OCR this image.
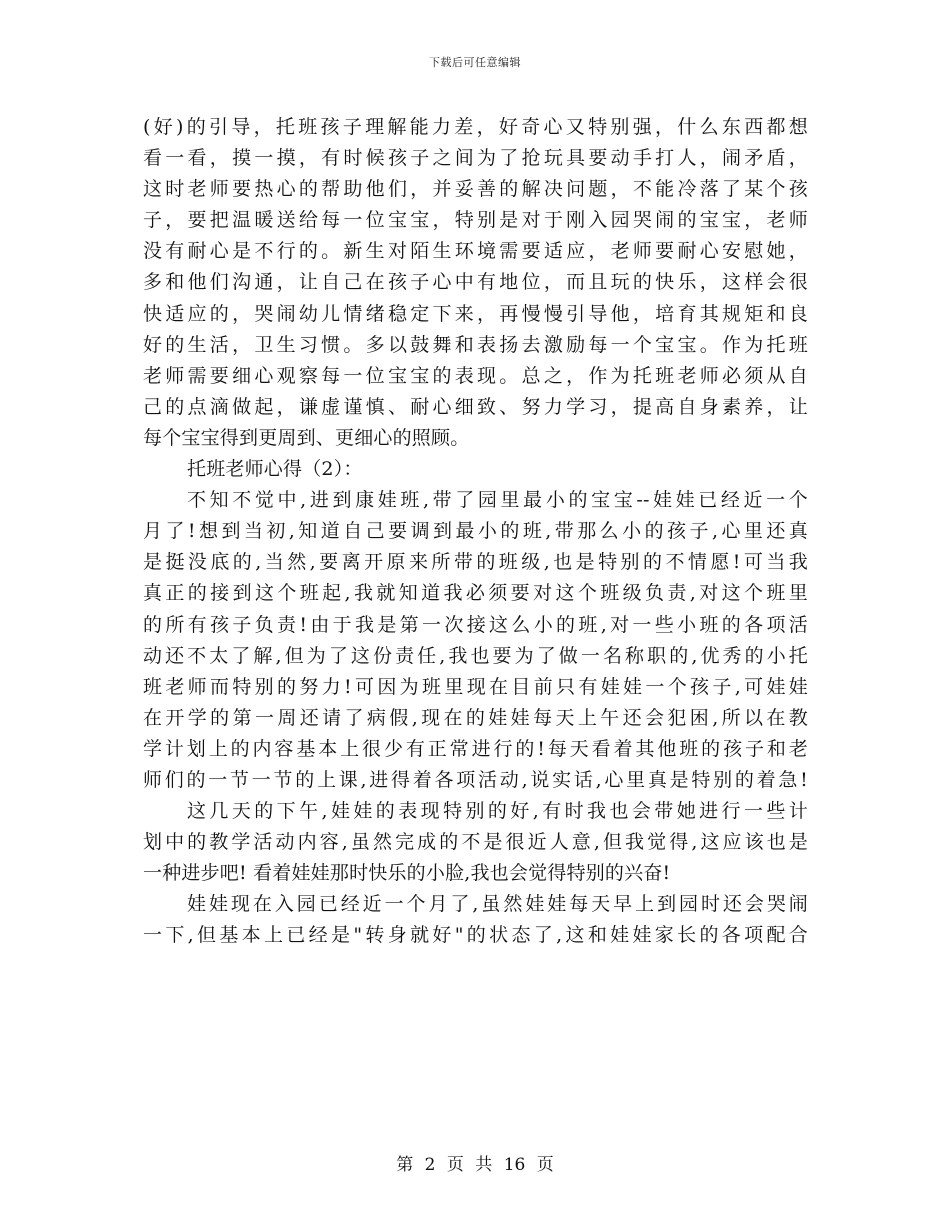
下载后可任意编辑
(好)的引导，托班孩子理解能力差，好奇心又特别强，什么东西都想
看一看，摸一摸，有时候孩子之间为了抢玩具要动手打人，闹矛盾，
这时老师要热心的帮助他们，并妥善的解决问题，不能冷落了某个孩
子，要把温暖送给每一位宝宝，特别是对于刚入园哭闹的宝宝，老师
没有耐心是不行的。新生对陌生环境需要适应，老师要耐心安慰她，
多和他们沟通，让自己在孩子心中有地位，而且玩的快乐，这样会很
快适应的，哭闹幼儿情绪稳定下来，再慢慢引导他，培育其规矩和良
好的生活，卫生习惯。多以鼓舞和表扬去激励每一个宝宝。作为托班
老师需要细心观察每一位宝宝的表现。总之，作为托班老师必须从自
己的点滴做起，谦虚谨慎、耐心细致、努力学习，提高自身素养，让
每个宝宝得到更周到、更细心的照顾。
托班老师心得（2）：
不知不觉中,进到康娃班,带了园里最小的宝宝--娃娃已经近一个
月了!想到当初,知道自己要调到最小的班,带那么小的孩子,心里还真
是挺没底的,当然,要离开原来所带的班级,也是特别的不情愿!可当我
真正的接到这个班起,我就知道我必须要对这个班级负责,对这个班里
的所有孩子负责!由于我是第一次接这么小的班,对一些小班的各项活
动还不太了解,但为了这份责任,我也要为了做一名称职的,优秀的小托
班老师而特别的努力!可因为班里现在目前只有娃娃一个孩子,可娃娃
在开学的第一周还请了病假,现在的娃娃每天上午还会犯困,所以在教
学计划上的内容基本上很少有正常进行的!每天看着其他班的孩子和老
师们的一节一节的上课,进得着各项活动,说实话,心里真是特别的着急!
这几天的下午,娃娃的表现特别的好,有时我也会带她进行一些计
划中的教学活动内容,虽然完成的不是很近人意,但我觉得,这应该也是
一种进步吧! 看着娃娃那时快乐的小脸,我也会觉得特别的兴奋!
娃娃现在入园已经近一个月了,虽然娃娃每天早上到园时还会哭闹
一下,但基本上已经是"转身就好"的状态了,这和娃娃家长的各项配合
第 2 页 共 16 页
